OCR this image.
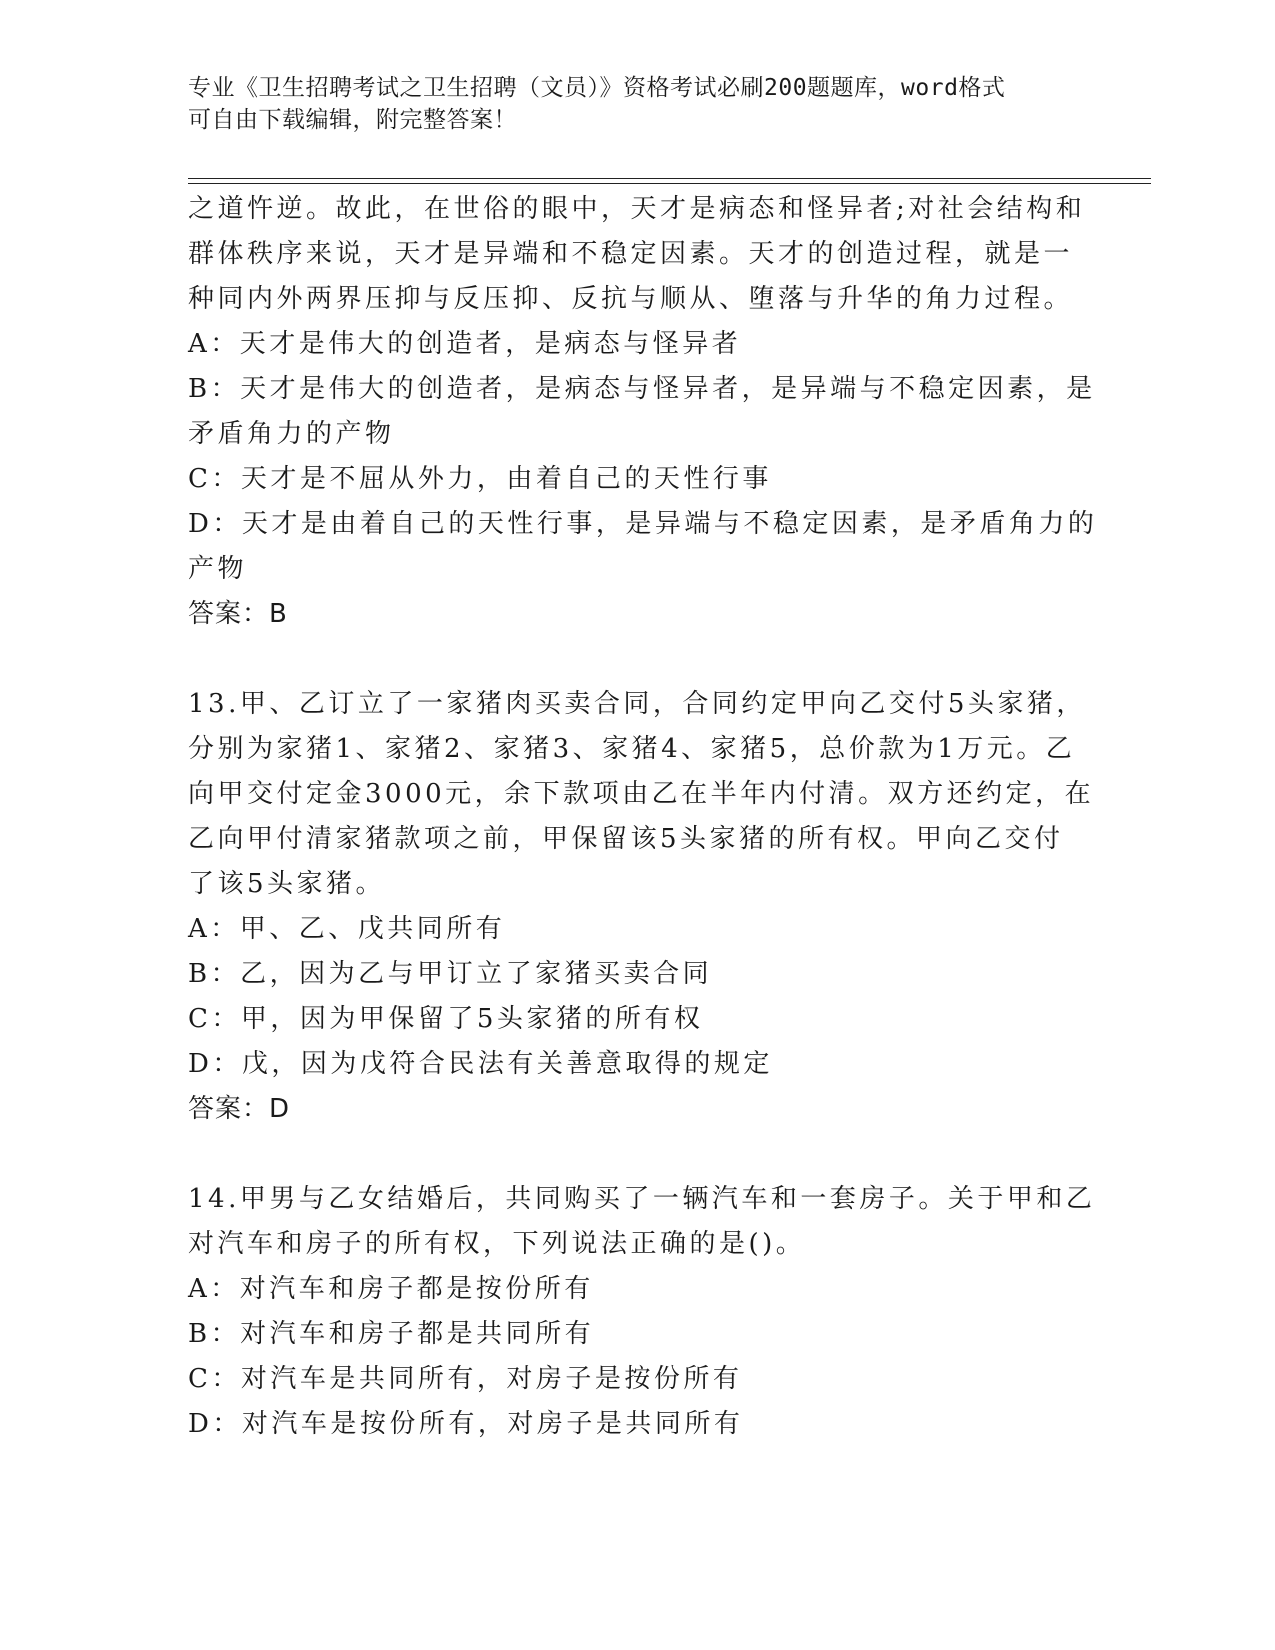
专业《卫生招聘考试之卫生招聘（文员）》资格考试必刷200题题库，word格式
可自由下载编辑，附完整答案！
之道忤逆。故此，在世俗的眼中，天才是病态和怪异者;对社会结构和
群体秩序来说，天才是异端和不稳定因素。天才的创造过程，就是一
种同内外两界压抑与反压抑、反抗与顺从、堕落与升华的角力过程。
A：天才是伟大的创造者，是病态与怪异者
B：天才是伟大的创造者，是病态与怪异者，是异端与不稳定因素，是
矛盾角力的产物
C：天才是不屈从外力，由着自己的天性行事
D：天才是由着自己的天性行事，是异端与不稳定因素，是矛盾角力的
产物
答案：B
13.甲、乙订立了一家猪肉买卖合同，合同约定甲向乙交付5头家猪，
分别为家猪1、家猪2、家猪3、家猪4、家猪5，总价款为1万元。乙
向甲交付定金3000元，余下款项由乙在半年内付清。双方还约定，在
乙向甲付清家猪款项之前，甲保留该5头家猪的所有权。甲向乙交付
了该5头家猪。
A：甲、乙、戊共同所有
B：乙，因为乙与甲订立了家猪买卖合同
C：甲，因为甲保留了5头家猪的所有权
D：戊，因为戊符合民法有关善意取得的规定
答案：D
14.甲男与乙女结婚后，共同购买了一辆汽车和一套房子。关于甲和乙
对汽车和房子的所有权，下列说法正确的是()。
A：对汽车和房子都是按份所有
B：对汽车和房子都是共同所有
C：对汽车是共同所有，对房子是按份所有
D：对汽车是按份所有，对房子是共同所有
